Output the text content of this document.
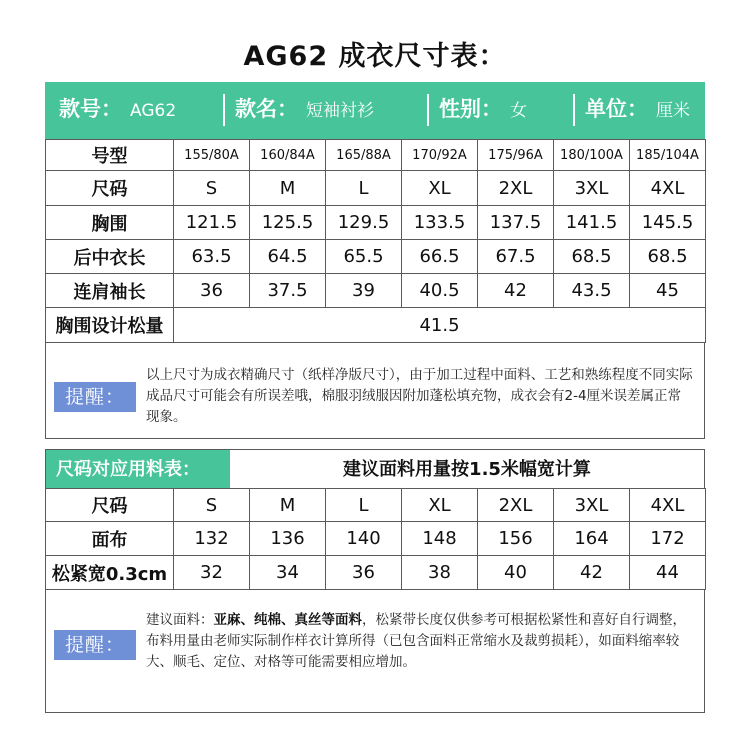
AG62 成衣尺寸表：
款号： AG62	款名： 短袖衬衫	性别： 女	单位： 厘米
号型	155/80A	160/84A	165/88A	170/92A	175/96A	180/100A	185/104A
尺码	S	M	L	XL	2XL	3XL	4XL
胸围	121.5	125.5	129.5	133.5	137.5	141.5	145.5
后中衣长	63.5	64.5	65.5	66.5	67.5	68.5	68.5
连肩袖长	36	37.5	39	40.5	42	43.5	45
胸围设计松量	41.5						
提醒：
以上尺寸为成衣精确尺寸（纸样净版尺寸），由于加工过程中面料、工艺和熟练程度不同实际成品尺寸可能会有所误差哦，棉服羽绒服因附加蓬松填充物，成衣会有2-4厘米误差属正常现象。
尺码对应用料表：	建议面料用量按1.5米幅宽计算
尺码	S	M	L	XL	2XL	3XL	4XL
面布	132	136	140	148	156	164	172
松紧宽0.3cm	32	34	36	38	40	42	44
提醒：
建议面料：亚麻、纯棉、真丝等面料，松紧带长度仅供参考可根据松紧性和喜好自行调整，布料用量由老师实际制作样衣计算所得（已包含面料正常缩水及裁剪损耗），如面料缩率较大、顺毛、定位、对格等可能需要相应增加。
